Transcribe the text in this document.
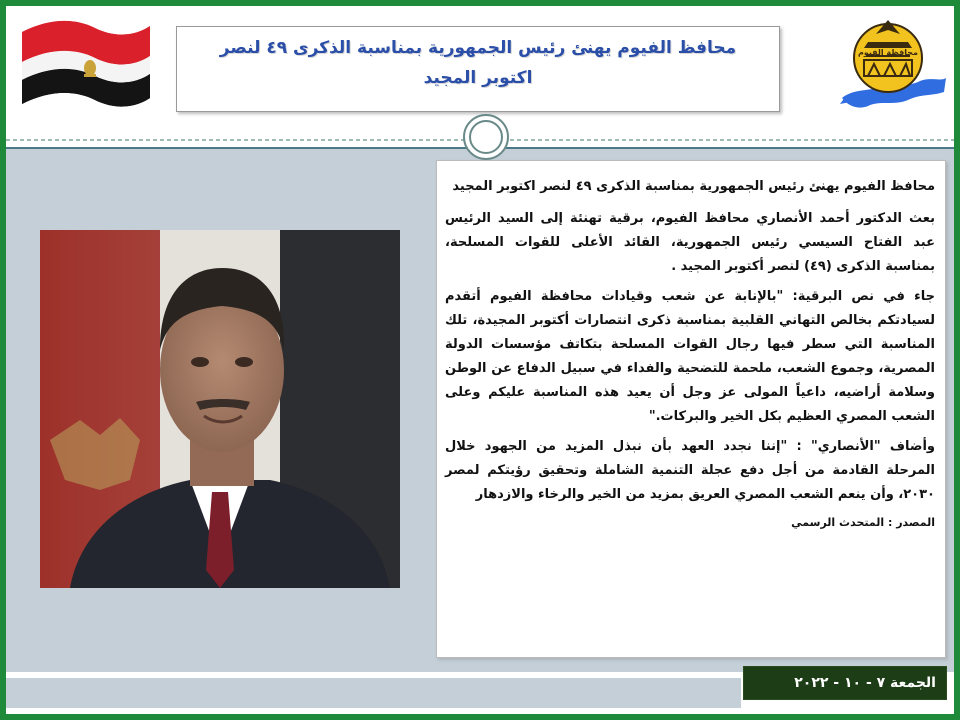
محافظ الفيوم يهنئ رئيس الجمهورية بمناسبة الذكرى ٤٩ لنصر اكتوبر المجيد
محافظة الفيوم

محافظ الفيوم يهنئ رئيس الجمهورية بمناسبة الذكرى ٤٩ لنصر اكتوبر المجيد

بعث الدكتور أحمد الأنصاري محافظ الفيوم، برقية تهنئة إلى السيد الرئيس عبد الفتاح السيسي رئيس الجمهورية، القائد الأعلى للقوات المسلحة، بمناسبة الذكرى (٤٩) لنصر أكتوبر المجيد .

جاء في نص البرقية: "بالإنابة عن شعب وقيادات محافظة الفيوم أتقدم لسيادتكم بخالص التهاني القلبية بمناسبة ذكرى انتصارات أكتوبر المجيدة، تلك المناسبة التي سطر فيها رجال القوات المسلحة بتكاتف مؤسسات الدولة المصرية، وجموع الشعب، ملحمة للتضحية والفداء في سبيل الدفاع عن الوطن وسلامة أراضيه، داعياً المولى عز وجل أن يعيد هذه المناسبة عليكم وعلى الشعب المصري العظيم بكل الخير والبركات."

وأضاف "الأنصاري" : "إننا نجدد العهد بأن نبذل المزيد من الجهود خلال المرحلة القادمة من أجل دفع عجلة التنمية الشاملة وتحقيق رؤيتكم لمصر ٢٠٣٠، وأن ينعم الشعب المصري العريق بمزيد من الخير والرخاء والازدهار

المصدر : المتحدث الرسمي

الجمعة ٧ - ١٠ - ٢٠٢٢
